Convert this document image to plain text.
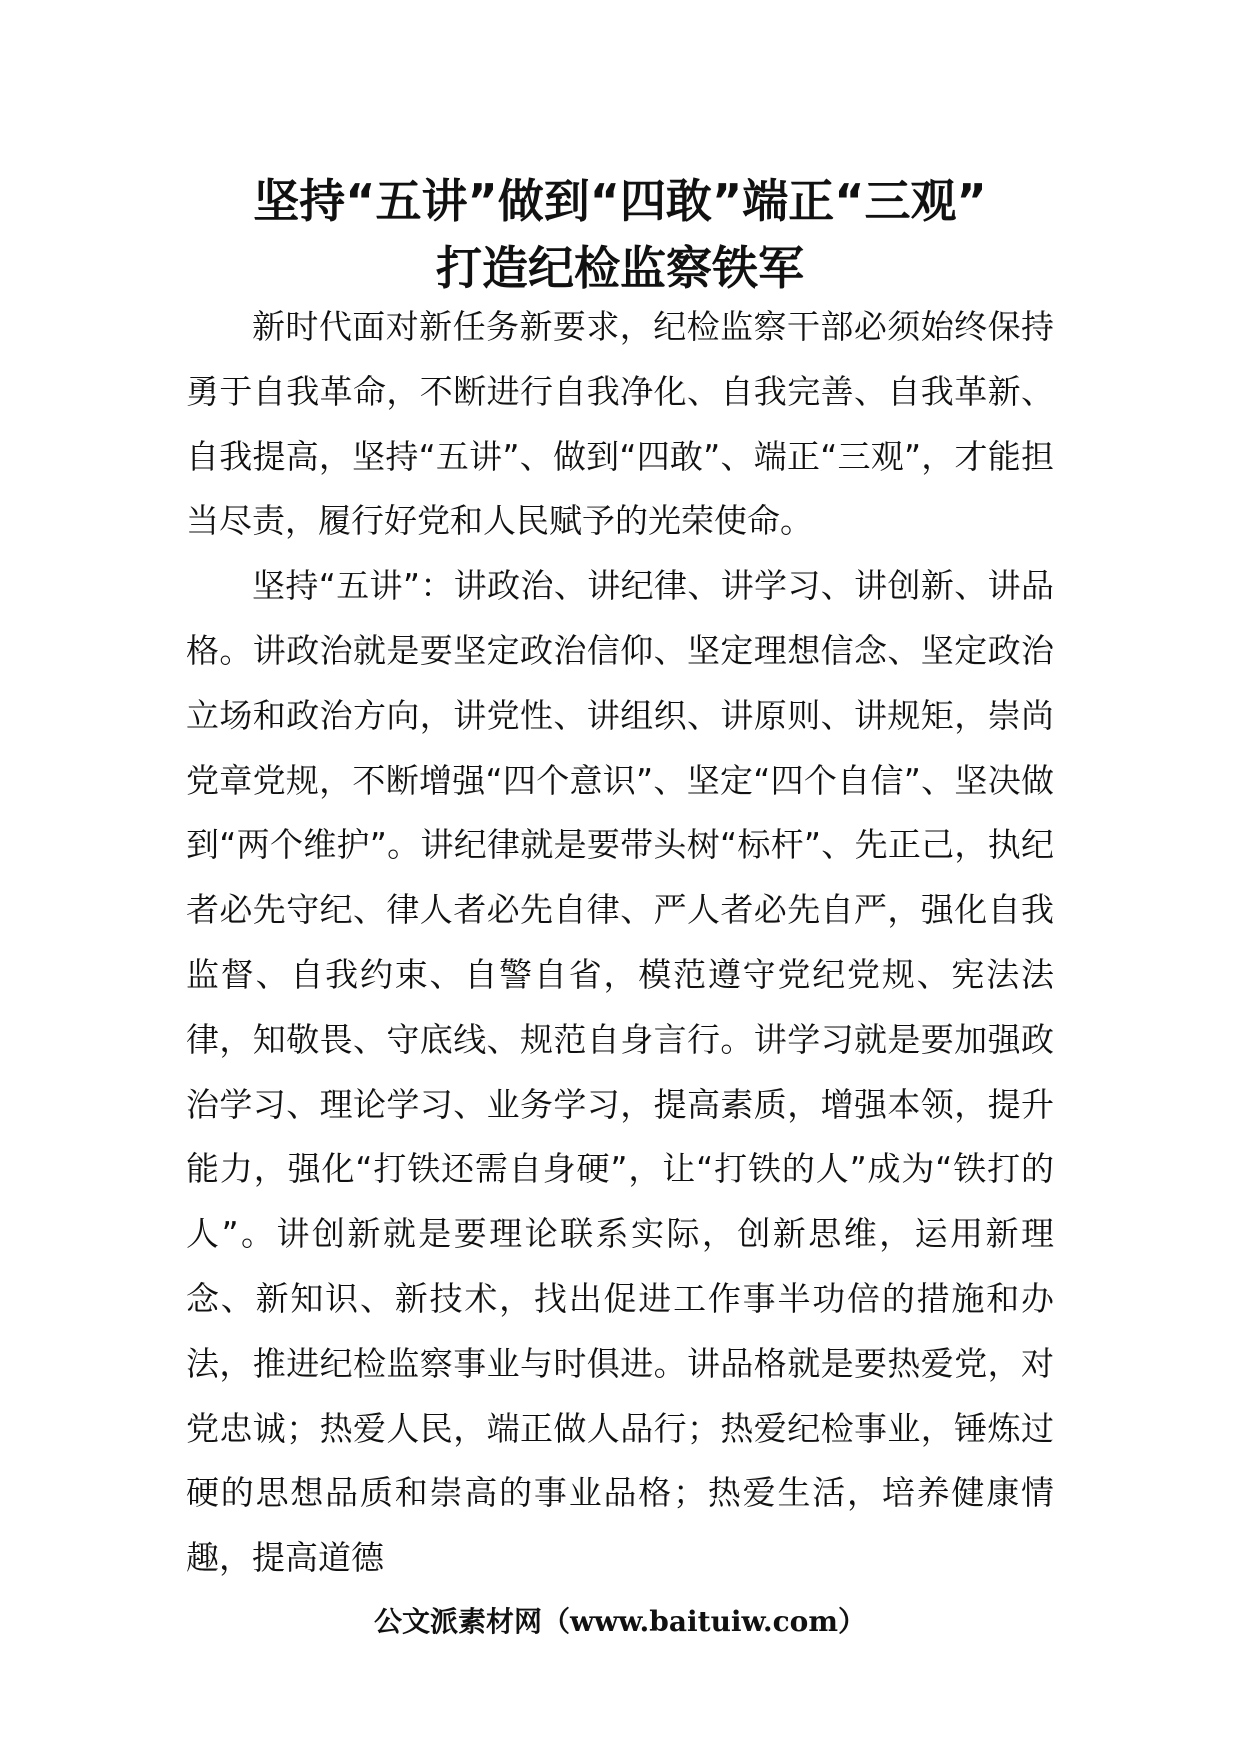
坚持“五讲”做到“四敢”端正“三观”
打造纪检监察铁军

新时代面对新任务新要求，纪检监察干部必须始终保持勇于自我革命，不断进行自我净化、自我完善、自我革新、自我提高，坚持“五讲”、做到“四敢”、端正“三观”，才能担当尽责，履行好党和人民赋予的光荣使命。

坚持“五讲”：讲政治、讲纪律、讲学习、讲创新、讲品格。讲政治就是要坚定政治信仰、坚定理想信念、坚定政治立场和政治方向，讲党性、讲组织、讲原则、讲规矩，崇尚党章党规，不断增强“四个意识”、坚定“四个自信”、坚决做到“两个维护”。讲纪律就是要带头树“标杆”、先正己，执纪者必先守纪、律人者必先自律、严人者必先自严，强化自我监督、自我约束、自警自省，模范遵守党纪党规、宪法法律，知敬畏、守底线、规范自身言行。讲学习就是要加强政治学习、理论学习、业务学习，提高素质，增强本领，提升能力，强化“打铁还需自身硬”，让“打铁的人”成为“铁打的人”。讲创新就是要理论联系实际，创新思维，运用新理念、新知识、新技术，找出促进工作事半功倍的措施和办法，推进纪检监察事业与时俱进。讲品格就是要热爱党，对党忠诚；热爱人民，端正做人品行；热爱纪检事业，锤炼过硬的思想品质和崇高的事业品格；热爱生活，培养健康情趣，提高道德

公文派素材网（www.baituiw.com）
